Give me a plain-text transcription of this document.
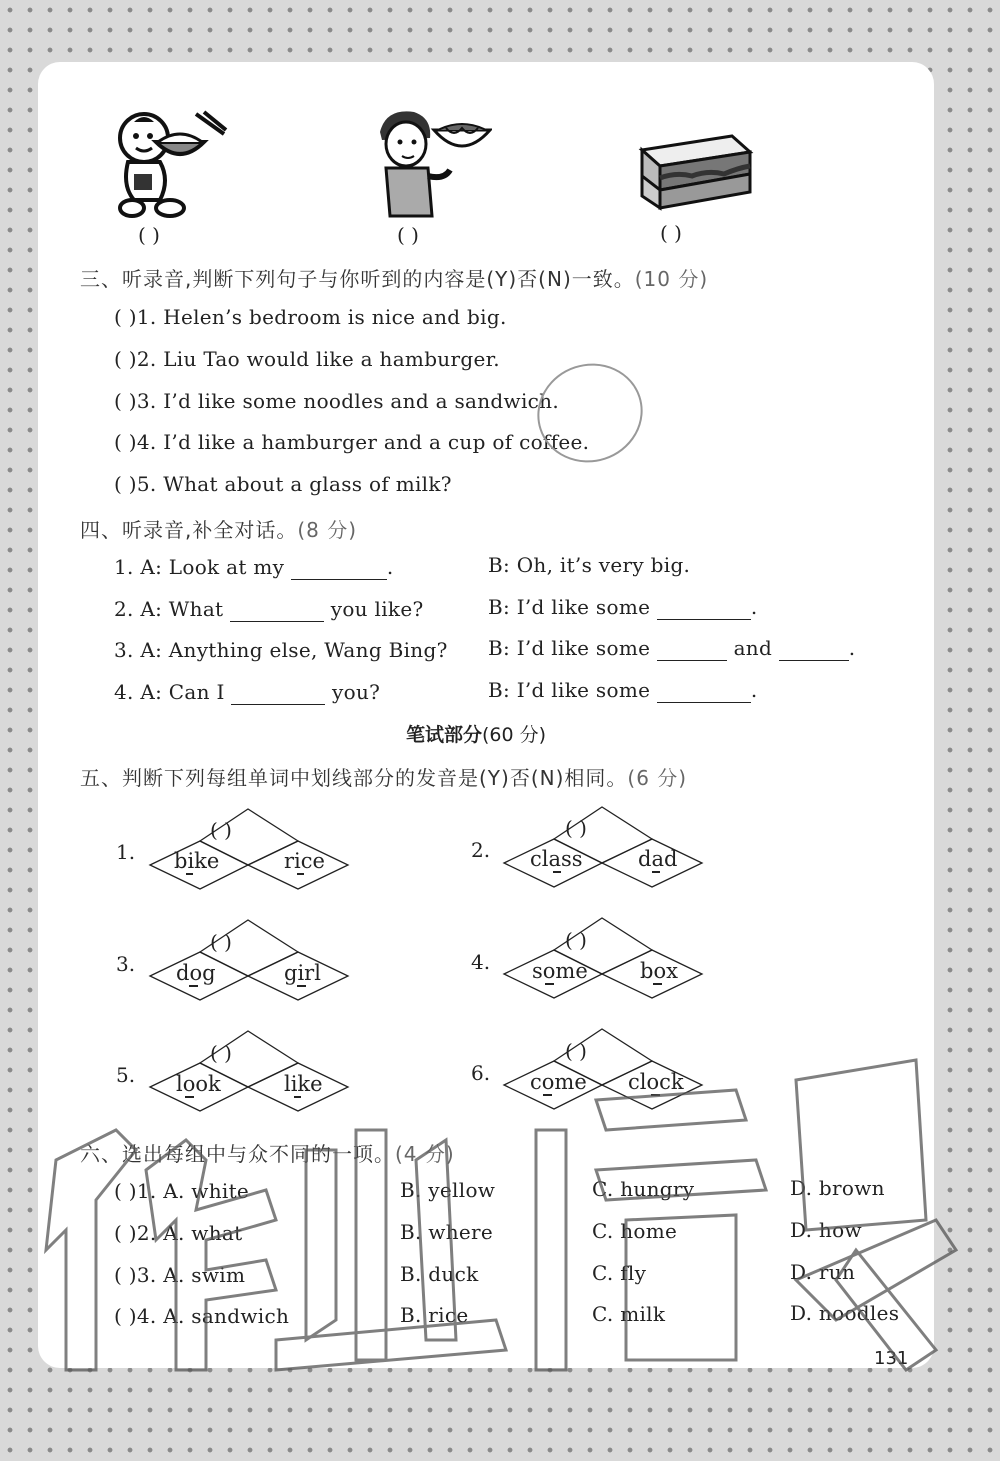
( )	( )	( )
三、听录音,判断下列句子与你听到的内容是(Y)否(N)一致。(10 分)
( )1. Helen’s bedroom is nice and big.
( )2. Liu Tao would like a hamburger.
( )3. I’d like some noodles and a sandwich.
( )4. I’d like a hamburger and a cup of coffee.
( )5. What about a glass of milk?
四、听录音,补全对话。(8 分)
1. A: Look at my	.	B: Oh, it’s very big.
2. A: What	you like?	B: I’d like some	.
3. A: Anything else, Wang Bing? B: I’d like some	and	.
4. A: Can I	you?	B: I’d like some	.
笔试部分(60 分)
五、判断下列每组单词中划线部分的发音是(Y)否(N)相同。(6 分)
1.
( )
bike	rice	2.
( )
class	dad
3.
( )
dog	girl	4.
( )
some box
5.
( )
look	like	6.
( )
come clock
六、选出每组中与众不同的一项。(4 分)
( )1. A. white	B. yellow	C. hungry	D. brown
( )2. A. what	B. where	C. home	D. how
( )3. A. swim	B. duck	C. fly	D. run
( )4. A. sandwich	B. rice	C. milk	D. noodles
131
